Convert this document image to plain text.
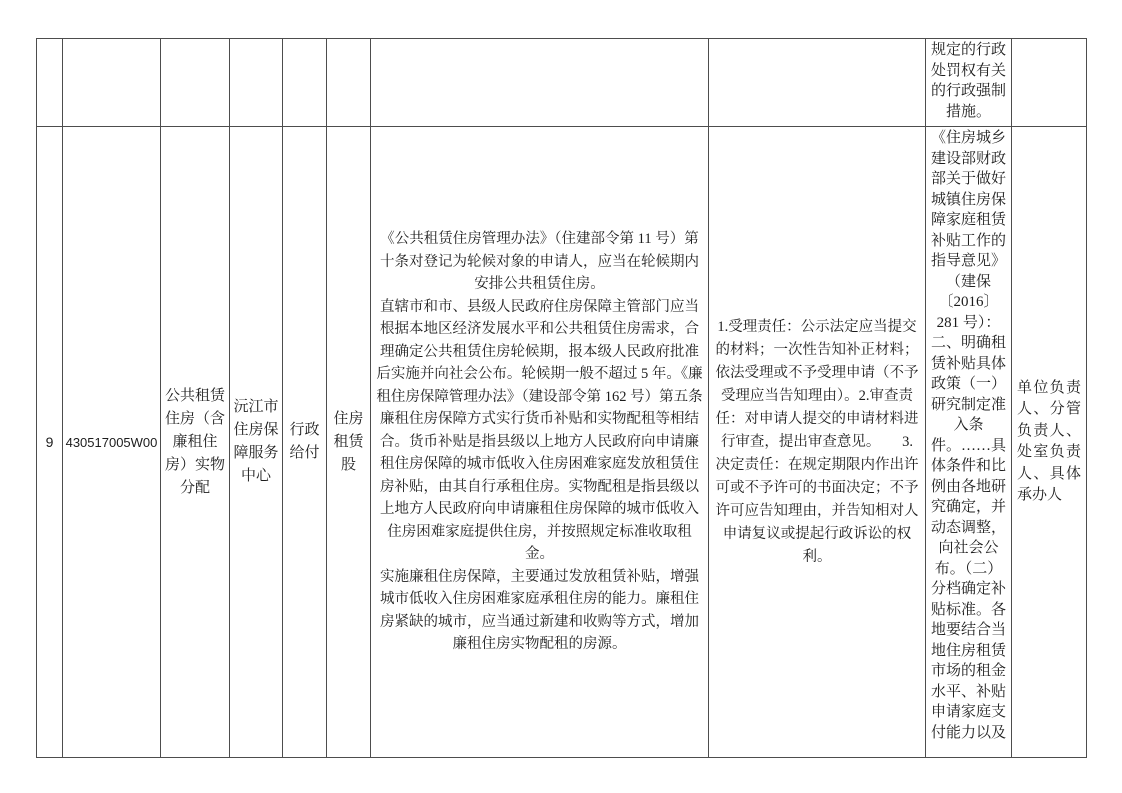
								规定的行政处罚权有关的行政强制措施。	
9	430517005W00	公共租赁住房（含廉租住房）实物分配	沅江市住房保障服务中心	行政给付	住房租赁股	《公共租赁住房管理办法》（住建部令第 11 号）第十条对登记为轮候对象的申请人，应当在轮候期内安排公共租赁住房。

直辖市和市、县级人民政府住房保障主管部门应当根据本地区经济发展水平和公共租赁住房需求，合理确定公共租赁住房轮候期，报本级人民政府批准后实施并向社会公布。轮候期一般不超过 5 年。《廉租住房保障管理办法》（建设部令第 162 号）第五条

廉租住房保障方式实行货币补贴和实物配租等相结合。货币补贴是指县级以上地方人民政府向申请廉租住房保障的城市低收入住房困难家庭发放租赁住房补贴，由其自行承租住房。实物配租是指县级以上地方人民政府向申请廉租住房保障的城市低收入住房困难家庭提供住房，并按照规定标准收取租金。

实施廉租住房保障，主要通过发放租赁补贴，增强城市低收入住房困难家庭承租住房的能力。廉租住房紧缺的城市，应当通过新建和收购等方式，增加廉租住房实物配租的房源。	1.受理责任：公示法定应当提交的材料；一次性告知补正材料；依法受理或不予受理申请（不予受理应当告知理由）。2.审查责任：对申请人提交的申请材料进行审查，提出审查意见。　　3.决定责任：在规定期限内作出许可或不予许可的书面决定；不予许可应告知理由，并告知相对人申请复议或提起行政诉讼的权利。	《住房城乡建设部财政部关于做好城镇住房保障家庭租赁补贴工作的指导意见》（建保〔2016〕281 号）：二、明确租赁补贴具体政策（一）研究制定准入条件。……具体条件和比例由各地研究确定，并动态调整，向社会公布。（二）分档确定补贴标准。各地要结合当地住房租赁市场的租金水平、补贴申请家庭支付能力以及	单位负责人、分管负责人、处室负责人、具体承办人
